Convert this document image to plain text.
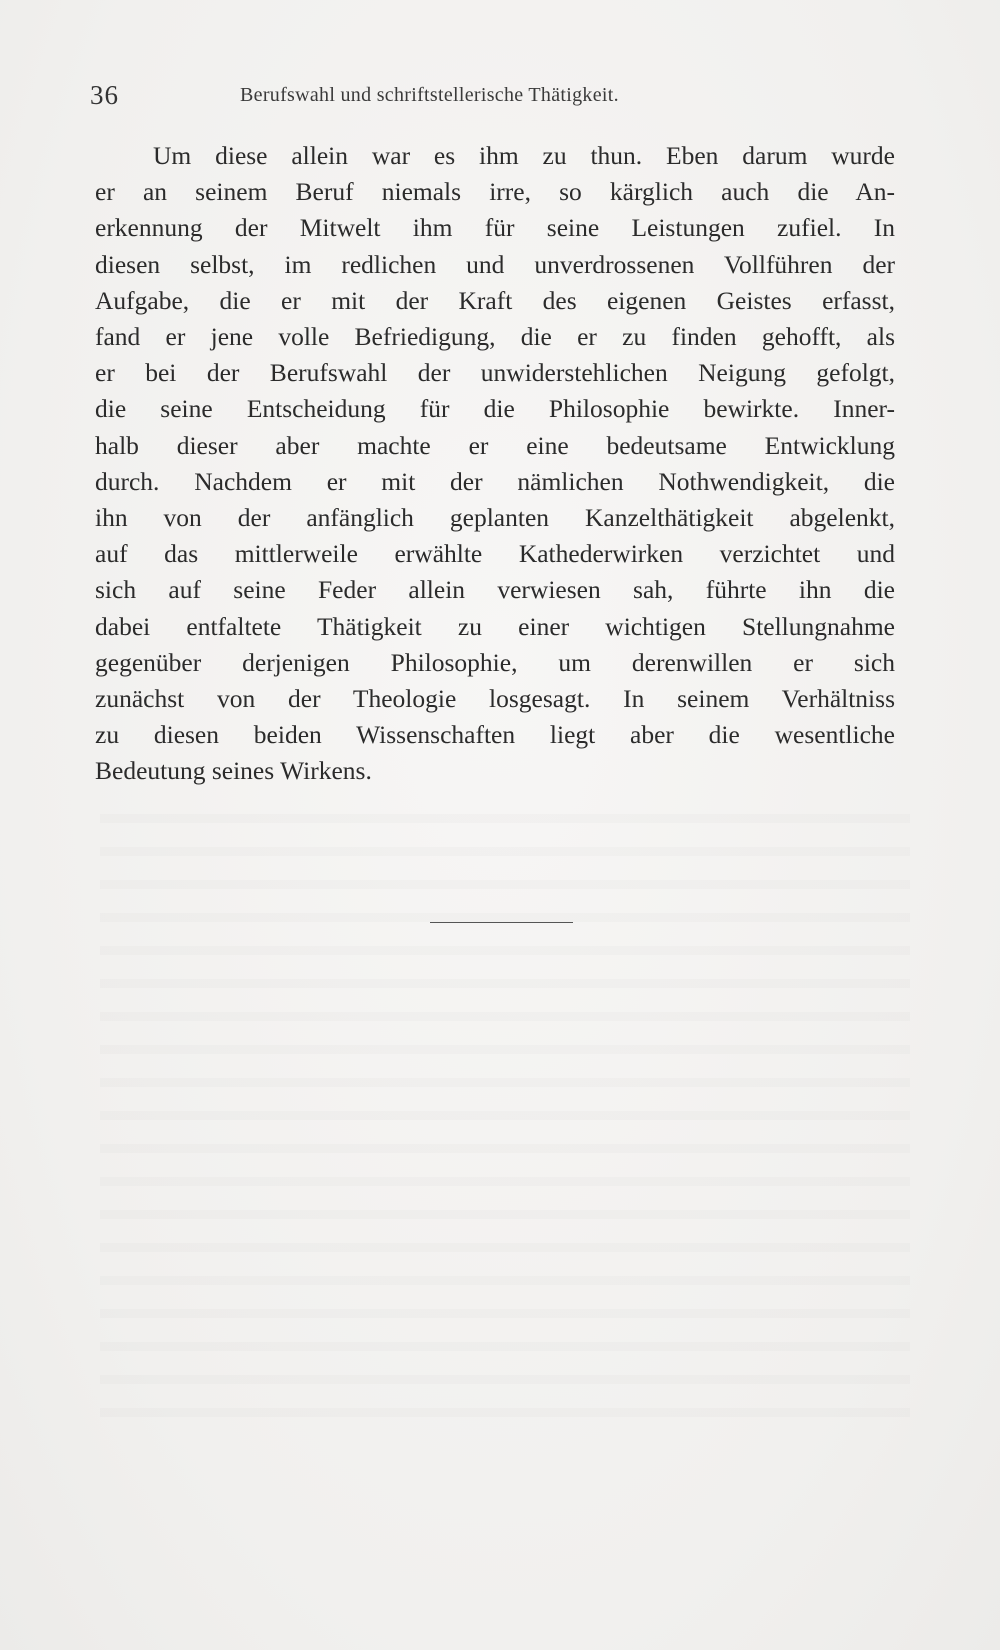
36	Berufswahl und schriftstellerische Thätigkeit.
Um diese allein war es ihm zu thun. Eben darum wurde
er an seinem Beruf niemals irre, so kärglich auch die An-
erkennung der Mitwelt ihm für seine Leistungen zufiel. In
diesen selbst, im redlichen und unverdrossenen Vollführen der
Aufgabe, die er mit der Kraft des eigenen Geistes erfasst,
fand er jene volle Befriedigung, die er zu finden gehofft, als
er bei der Berufswahl der unwiderstehlichen Neigung gefolgt,
die seine Entscheidung für die Philosophie bewirkte. Inner-
halb dieser aber machte er eine bedeutsame Entwicklung
durch. Nachdem er mit der nämlichen Nothwendigkeit, die
ihn von der anfänglich geplanten Kanzelthätigkeit abgelenkt,
auf das mittlerweile erwählte Kathederwirken verzichtet und
sich auf seine Feder allein verwiesen sah, führte ihn die
dabei entfaltete Thätigkeit zu einer wichtigen Stellungnahme
gegenüber derjenigen Philosophie, um derenwillen er sich
zunächst von der Theologie losgesagt. In seinem Verhältniss
zu diesen beiden Wissenschaften liegt aber die wesentliche
Bedeutung seines Wirkens.
